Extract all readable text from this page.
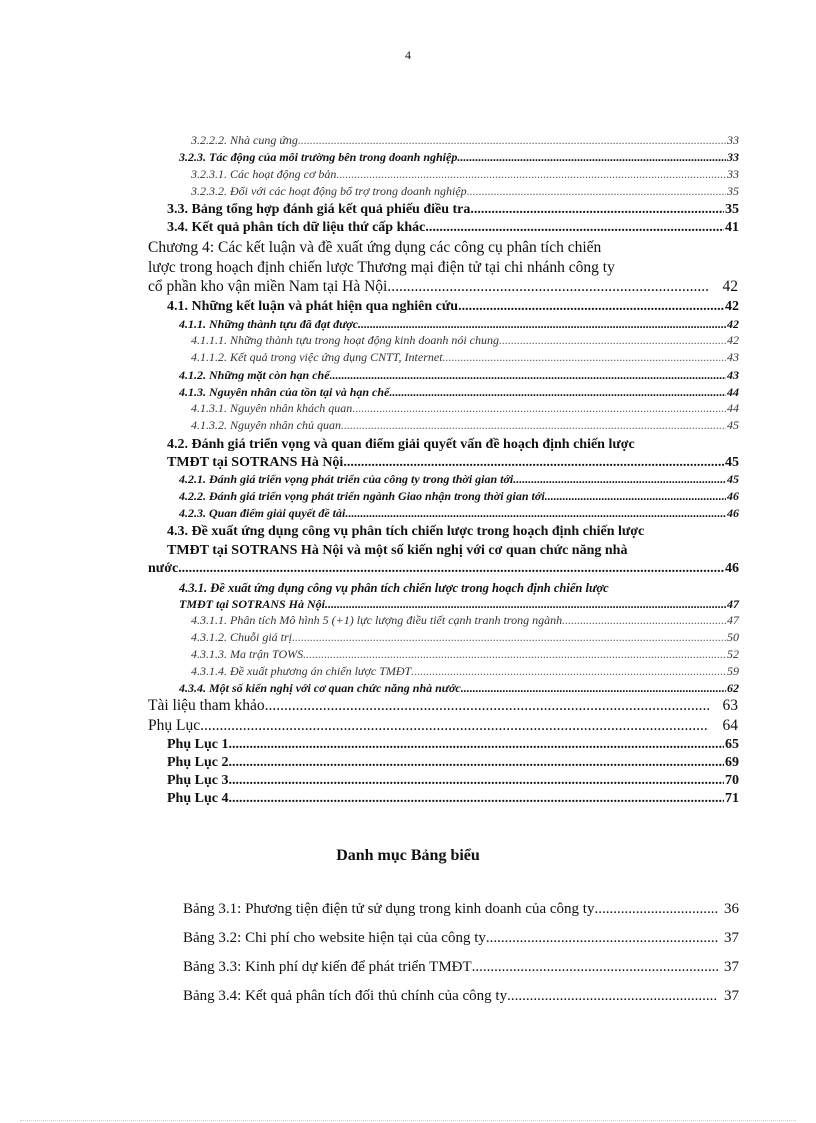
4
3.2.2.2. Nhà cung ứng .....	33
3.2.3. Tác động của môi trường bên trong doanh nghiệp .....	33
3.2.3.1. Các hoạt động cơ bản .....	33
3.2.3.2. Đối với các hoạt động bổ trợ trong doanh nghiệp .....	35
3.3. Bảng tổng hợp đánh giá kết quả phiếu điều tra .....	35
3.4. Kết quả phân tích dữ liệu thứ cấp khác .....	41
Chương 4: Các kết luận và đề xuất ứng dụng các công cụ phân tích chiến
lược trong hoạch định chiến lược Thương mại điện tử tại chi nhánh công ty
cổ phần kho vận miền Nam tại Hà Nội .....	42
4.1. Những kết luận và phát hiện qua nghiên cứu .....	42
4.1.1. Những thành tựu đã đạt được .....	42
4.1.1.1. Những thành tựu trong hoạt động kinh doanh nói chung .....	42
4.1.1.2. Kết quả trong việc ứng dụng CNTT, Internet .....	43
4.1.2. Những mặt còn hạn chế .....	43
4.1.3. Nguyên nhân của tồn tại và hạn chế .....	44
4.1.3.1. Nguyên nhân khách quan .....	44
4.1.3.2. Nguyên nhân chủ quan .....	45
4.2. Đánh giá triển vọng và quan điểm giải quyết vấn đề hoạch định chiến lược
TMĐT tại SOTRANS Hà Nội .....	45
4.2.1. Đánh giá triển vọng phát triển của công ty trong thời gian tới .....	45
4.2.2. Đánh giá triển vọng phát triển ngành Giao nhận trong thời gian tới .....	46
4.2.3. Quan điểm giải quyết đề tài .....	46
4.3. Đề xuất ứng dụng công vụ phân tích chiến lược trong hoạch định chiến lược
TMĐT tại SOTRANS Hà Nội và một số kiến nghị với cơ quan chức năng nhà
nước .....	46
4.3.1. Đề xuất ứng dụng công vụ phân tích chiến lược trong hoạch định chiến lược
TMĐT tại SOTRANS Hà Nội .....	47
4.3.1.1. Phân tích Mô hình 5 (+1) lực lượng điều tiết cạnh tranh trong ngành .....	47
4.3.1.2. Chuỗi giá trị .....	50
4.3.1.3. Ma trận TOWS .....	52
4.3.1.4. Đề xuất phương án chiến lược TMĐT .....	59
4.3.4. Một số kiến nghị với cơ quan chức năng nhà nước .....	62
Tài liệu tham khảo .....	63
Phụ Lục .....	64
Phụ Lục 1 .....	65
Phụ Lục 2 .....	69
Phụ Lục 3 .....	70
Phụ Lục 4 .....	71
Danh mục Bảng biểu
Bảng 3.1: Phương tiện điện tử sử dụng trong kinh doanh của công ty .....	36
Bảng 3.2: Chi phí cho website hiện tại của công ty .....	37
Bảng 3.3: Kinh phí dự kiến để phát triển TMĐT .....	37
Bảng 3.4: Kết quả phân tích đối thủ chính của công ty .....	37
